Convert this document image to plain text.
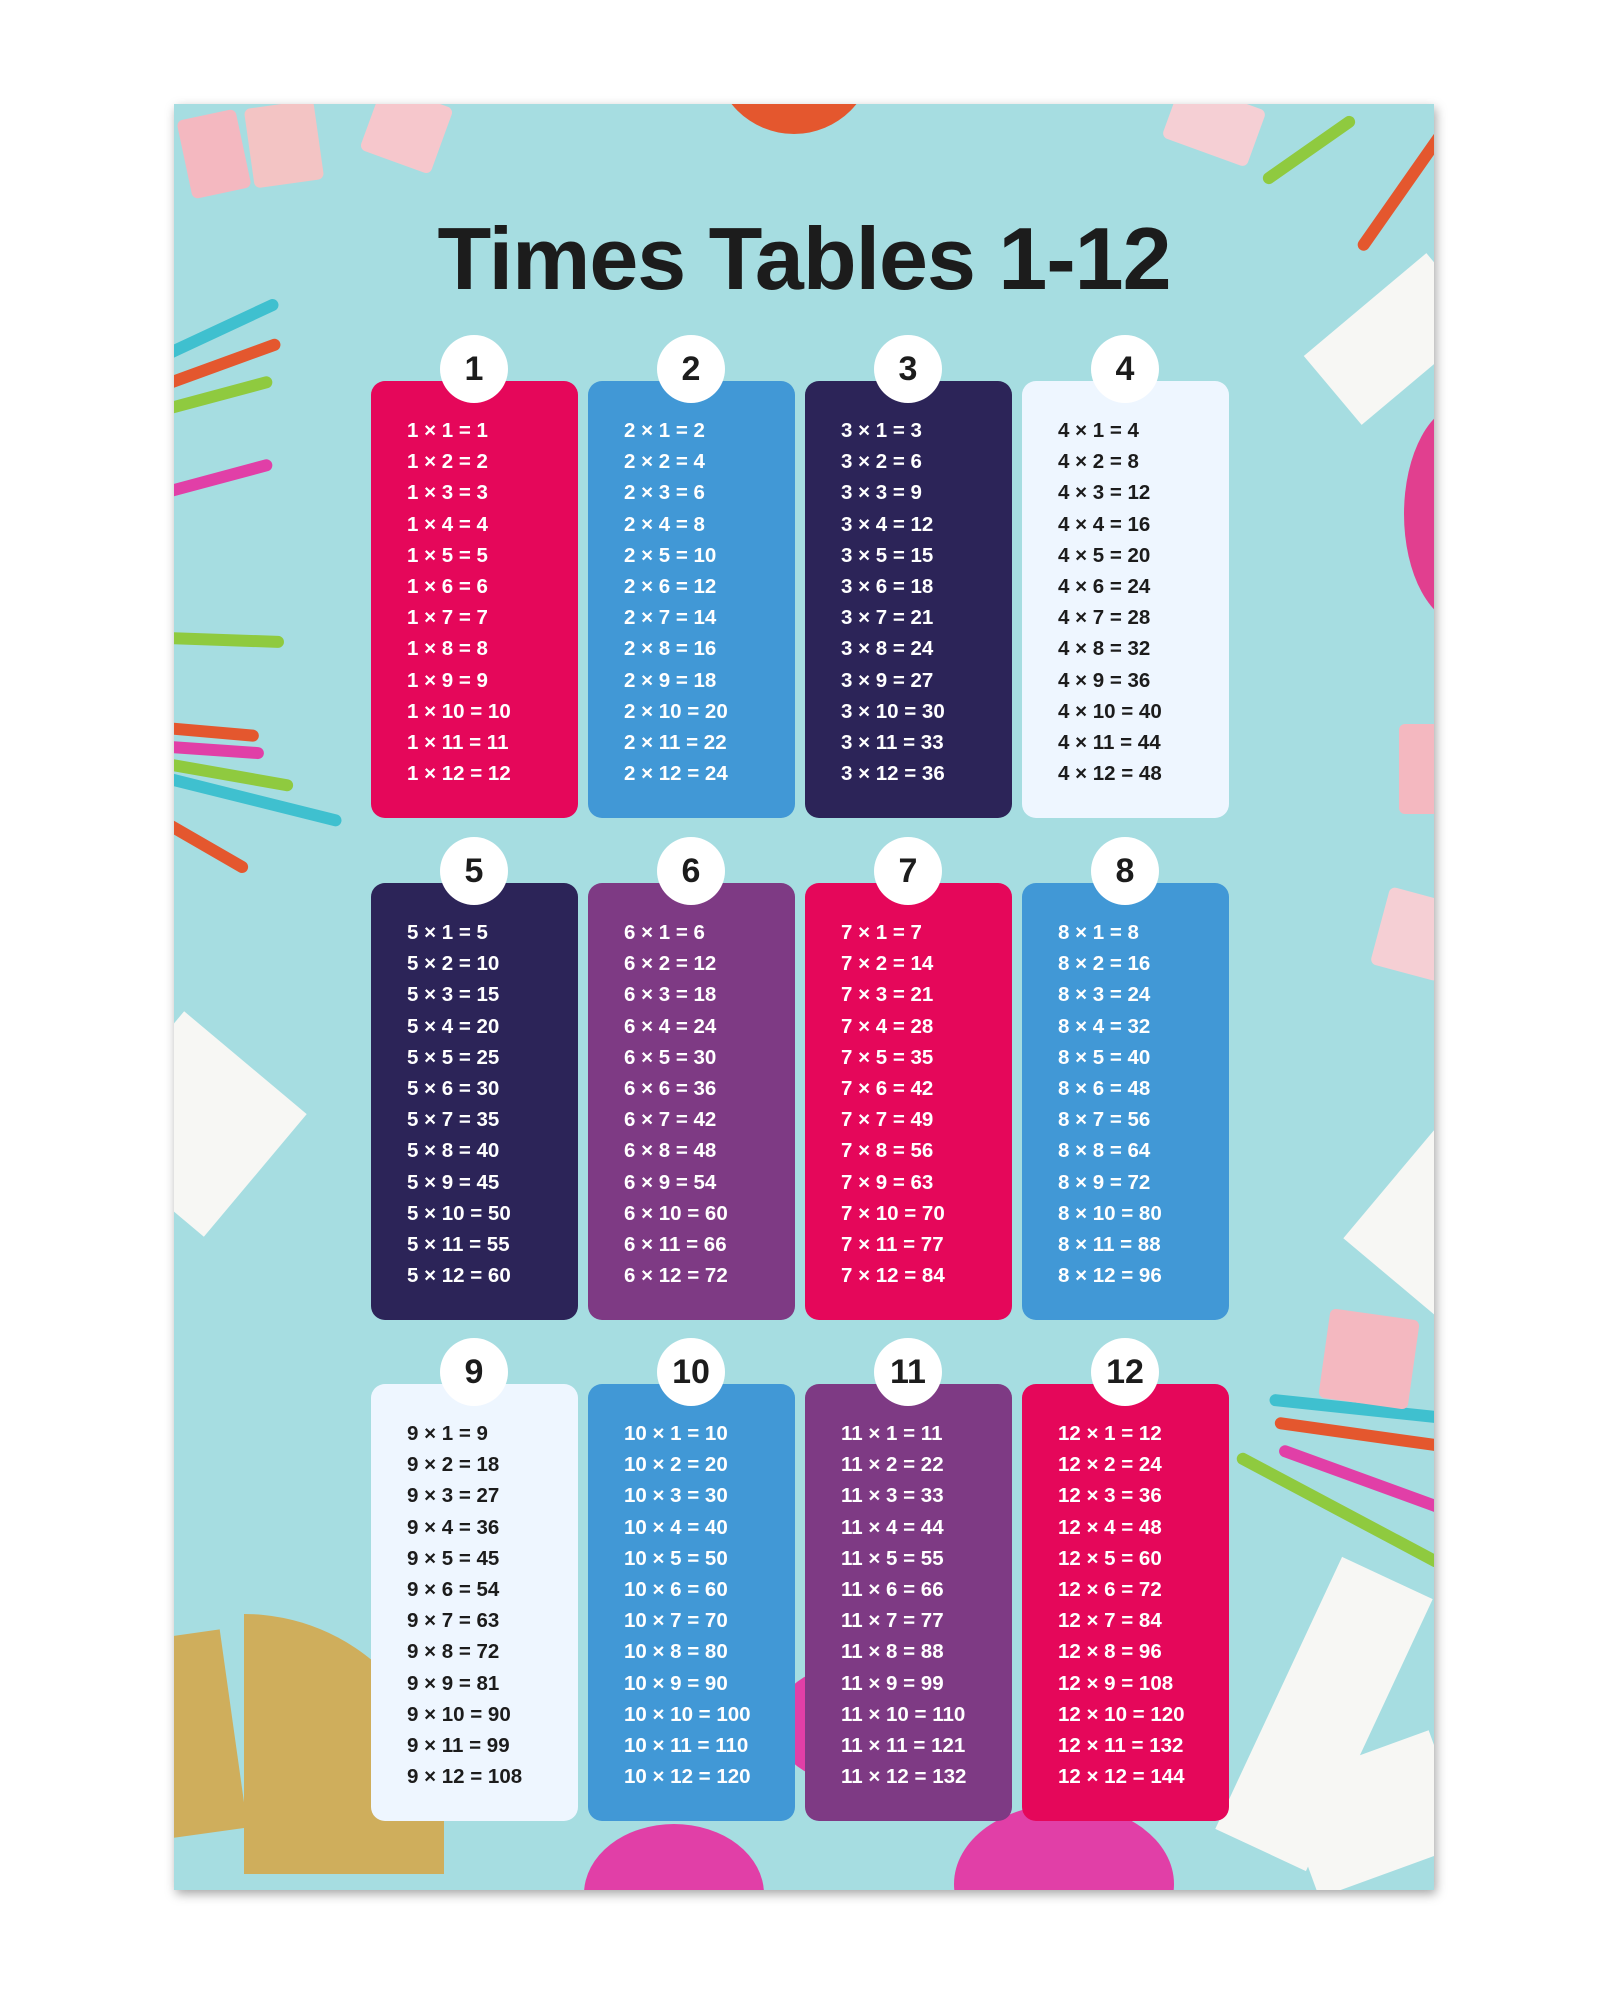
Times Tables 1-12
1
1 × 1 = 1
1 × 2 = 2
1 × 3 = 3
1 × 4 = 4
1 × 5 = 5
1 × 6 = 6
1 × 7 = 7
1 × 8 = 8
1 × 9 = 9
1 × 10 = 10
1 × 11 = 11
1 × 12 = 12
2
2 × 1 = 2
2 × 2 = 4
2 × 3 = 6
2 × 4 = 8
2 × 5 = 10
2 × 6 = 12
2 × 7 = 14
2 × 8 = 16
2 × 9 = 18
2 × 10 = 20
2 × 11 = 22
2 × 12 = 24
3
3 × 1 = 3
3 × 2 = 6
3 × 3 = 9
3 × 4 = 12
3 × 5 = 15
3 × 6 = 18
3 × 7 = 21
3 × 8 = 24
3 × 9 = 27
3 × 10 = 30
3 × 11 = 33
3 × 12 = 36
4
4 × 1 = 4
4 × 2 = 8
4 × 3 = 12
4 × 4 = 16
4 × 5 = 20
4 × 6 = 24
4 × 7 = 28
4 × 8 = 32
4 × 9 = 36
4 × 10 = 40
4 × 11 = 44
4 × 12 = 48
5
5 × 1 = 5
5 × 2 = 10
5 × 3 = 15
5 × 4 = 20
5 × 5 = 25
5 × 6 = 30
5 × 7 = 35
5 × 8 = 40
5 × 9 = 45
5 × 10 = 50
5 × 11 = 55
5 × 12 = 60
6
6 × 1 = 6
6 × 2 = 12
6 × 3 = 18
6 × 4 = 24
6 × 5 = 30
6 × 6 = 36
6 × 7 = 42
6 × 8 = 48
6 × 9 = 54
6 × 10 = 60
6 × 11 = 66
6 × 12 = 72
7
7 × 1 = 7
7 × 2 = 14
7 × 3 = 21
7 × 4 = 28
7 × 5 = 35
7 × 6 = 42
7 × 7 = 49
7 × 8 = 56
7 × 9 = 63
7 × 10 = 70
7 × 11 = 77
7 × 12 = 84
8
8 × 1 = 8
8 × 2 = 16
8 × 3 = 24
8 × 4 = 32
8 × 5 = 40
8 × 6 = 48
8 × 7 = 56
8 × 8 = 64
8 × 9 = 72
8 × 10 = 80
8 × 11 = 88
8 × 12 = 96
9
9 × 1 = 9
9 × 2 = 18
9 × 3 = 27
9 × 4 = 36
9 × 5 = 45
9 × 6 = 54
9 × 7 = 63
9 × 8 = 72
9 × 9 = 81
9 × 10 = 90
9 × 11 = 99
9 × 12 = 108
10
10 × 1 = 10
10 × 2 = 20
10 × 3 = 30
10 × 4 = 40
10 × 5 = 50
10 × 6 = 60
10 × 7 = 70
10 × 8 = 80
10 × 9 = 90
10 × 10 = 100
10 × 11 = 110
10 × 12 = 120
11
11 × 1 = 11
11 × 2 = 22
11 × 3 = 33
11 × 4 = 44
11 × 5 = 55
11 × 6 = 66
11 × 7 = 77
11 × 8 = 88
11 × 9 = 99
11 × 10 = 110
11 × 11 = 121
11 × 12 = 132
12
12 × 1 = 12
12 × 2 = 24
12 × 3 = 36
12 × 4 = 48
12 × 5 = 60
12 × 6 = 72
12 × 7 = 84
12 × 8 = 96
12 × 9 = 108
12 × 10 = 120
12 × 11 = 132
12 × 12 = 144
